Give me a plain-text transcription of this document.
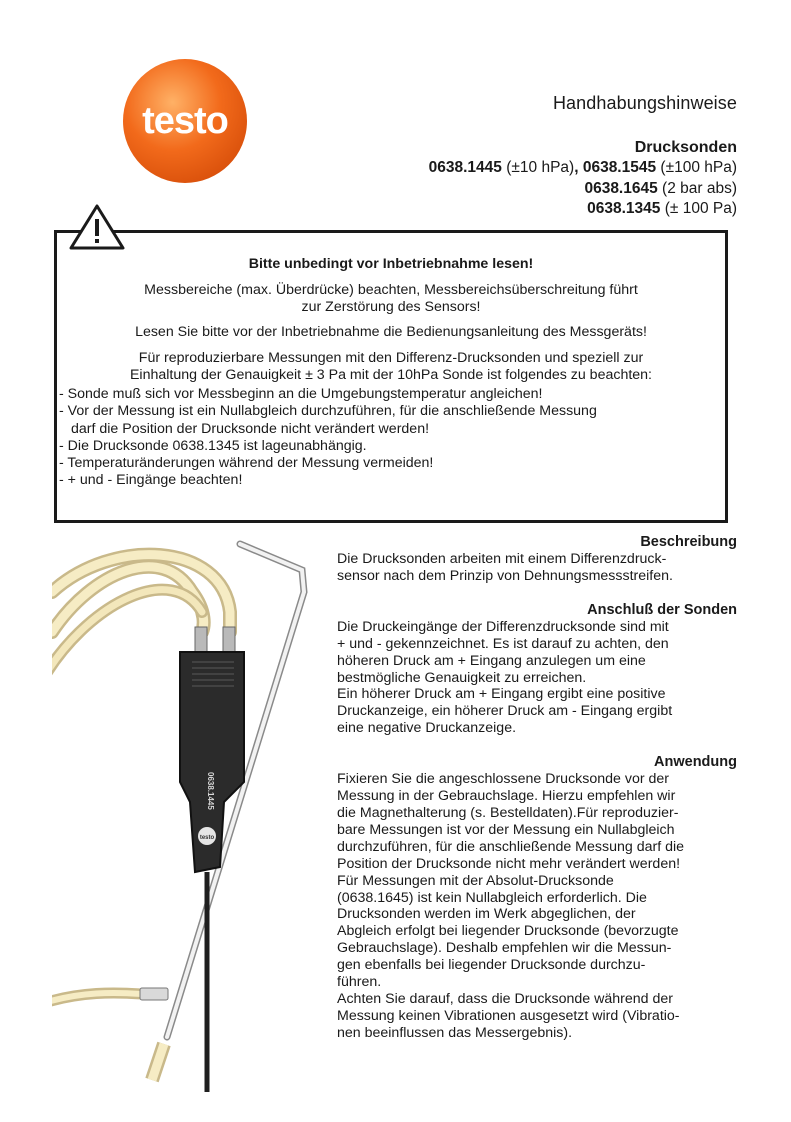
testo	Handhabungshinweise
Drucksonden
0638.1445 (±10 hPa), 0638.1545 (±100 hPa)
0638.1645 (2 bar abs)
0638.1345 (± 100 Pa)
Bitte unbedingt vor Inbetriebnahme lesen!
Messbereiche (max. Überdrücke) beachten, Messbereichsüberschreitung führt
zur Zerstörung des Sensors!
Lesen Sie bitte vor der Inbetriebnahme die Bedienungsanleitung des Messgeräts!
Für reproduzierbare Messungen mit den Differenz-Drucksonden und speziell zur
Einhaltung der Genauigkeit ± 3 Pa mit der 10hPa Sonde ist folgendes zu beachten:
- Sonde muß sich vor Messbeginn an die Umgebungstemperatur angleichen!
- Vor der Messung ist ein Nullabgleich durchzuführen, für die anschließende Messung
darf die Position der Drucksonde nicht verändert werden!
- Die Drucksonde 0638.1345 ist lageunabhängig.
- Temperaturänderungen während der Messung vermeiden!
- + und - Eingänge beachten!
0638.1445
testo
Beschreibung
Die Drucksonden arbeiten mit einem Differenzdruck-
sensor nach dem Prinzip von Dehnungsmessstreifen.
Anschluß der Sonden
Die Druckeingänge der Differenzdrucksonde sind mit
+ und - gekennzeichnet. Es ist darauf zu achten, den
höheren Druck am + Eingang anzulegen um eine
bestmögliche Genauigkeit zu erreichen.
Ein höherer Druck am + Eingang ergibt eine positive
Druckanzeige, ein höherer Druck am - Eingang ergibt
eine negative Druckanzeige.
Anwendung
Fixieren Sie die angeschlossene Drucksonde vor der
Messung in der Gebrauchslage. Hierzu empfehlen wir
die Magnethalterung (s. Bestelldaten).Für reproduzier-
bare Messungen ist vor der Messung ein Nullabgleich
durchzuführen, für die anschließende Messung darf die
Position der Drucksonde nicht mehr verändert werden!
Für Messungen mit der Absolut-Drucksonde
(0638.1645) ist kein Nullabgleich erforderlich. Die
Drucksonden werden im Werk abgeglichen, der
Abgleich erfolgt bei liegender Drucksonde (bevorzugte
Gebrauchslage). Deshalb empfehlen wir die Messun-
gen ebenfalls bei liegender Drucksonde durchzu-
führen.
Achten Sie darauf, dass die Drucksonde während der
Messung keinen Vibrationen ausgesetzt wird (Vibratio-
nen beeinflussen das Messergebnis).
